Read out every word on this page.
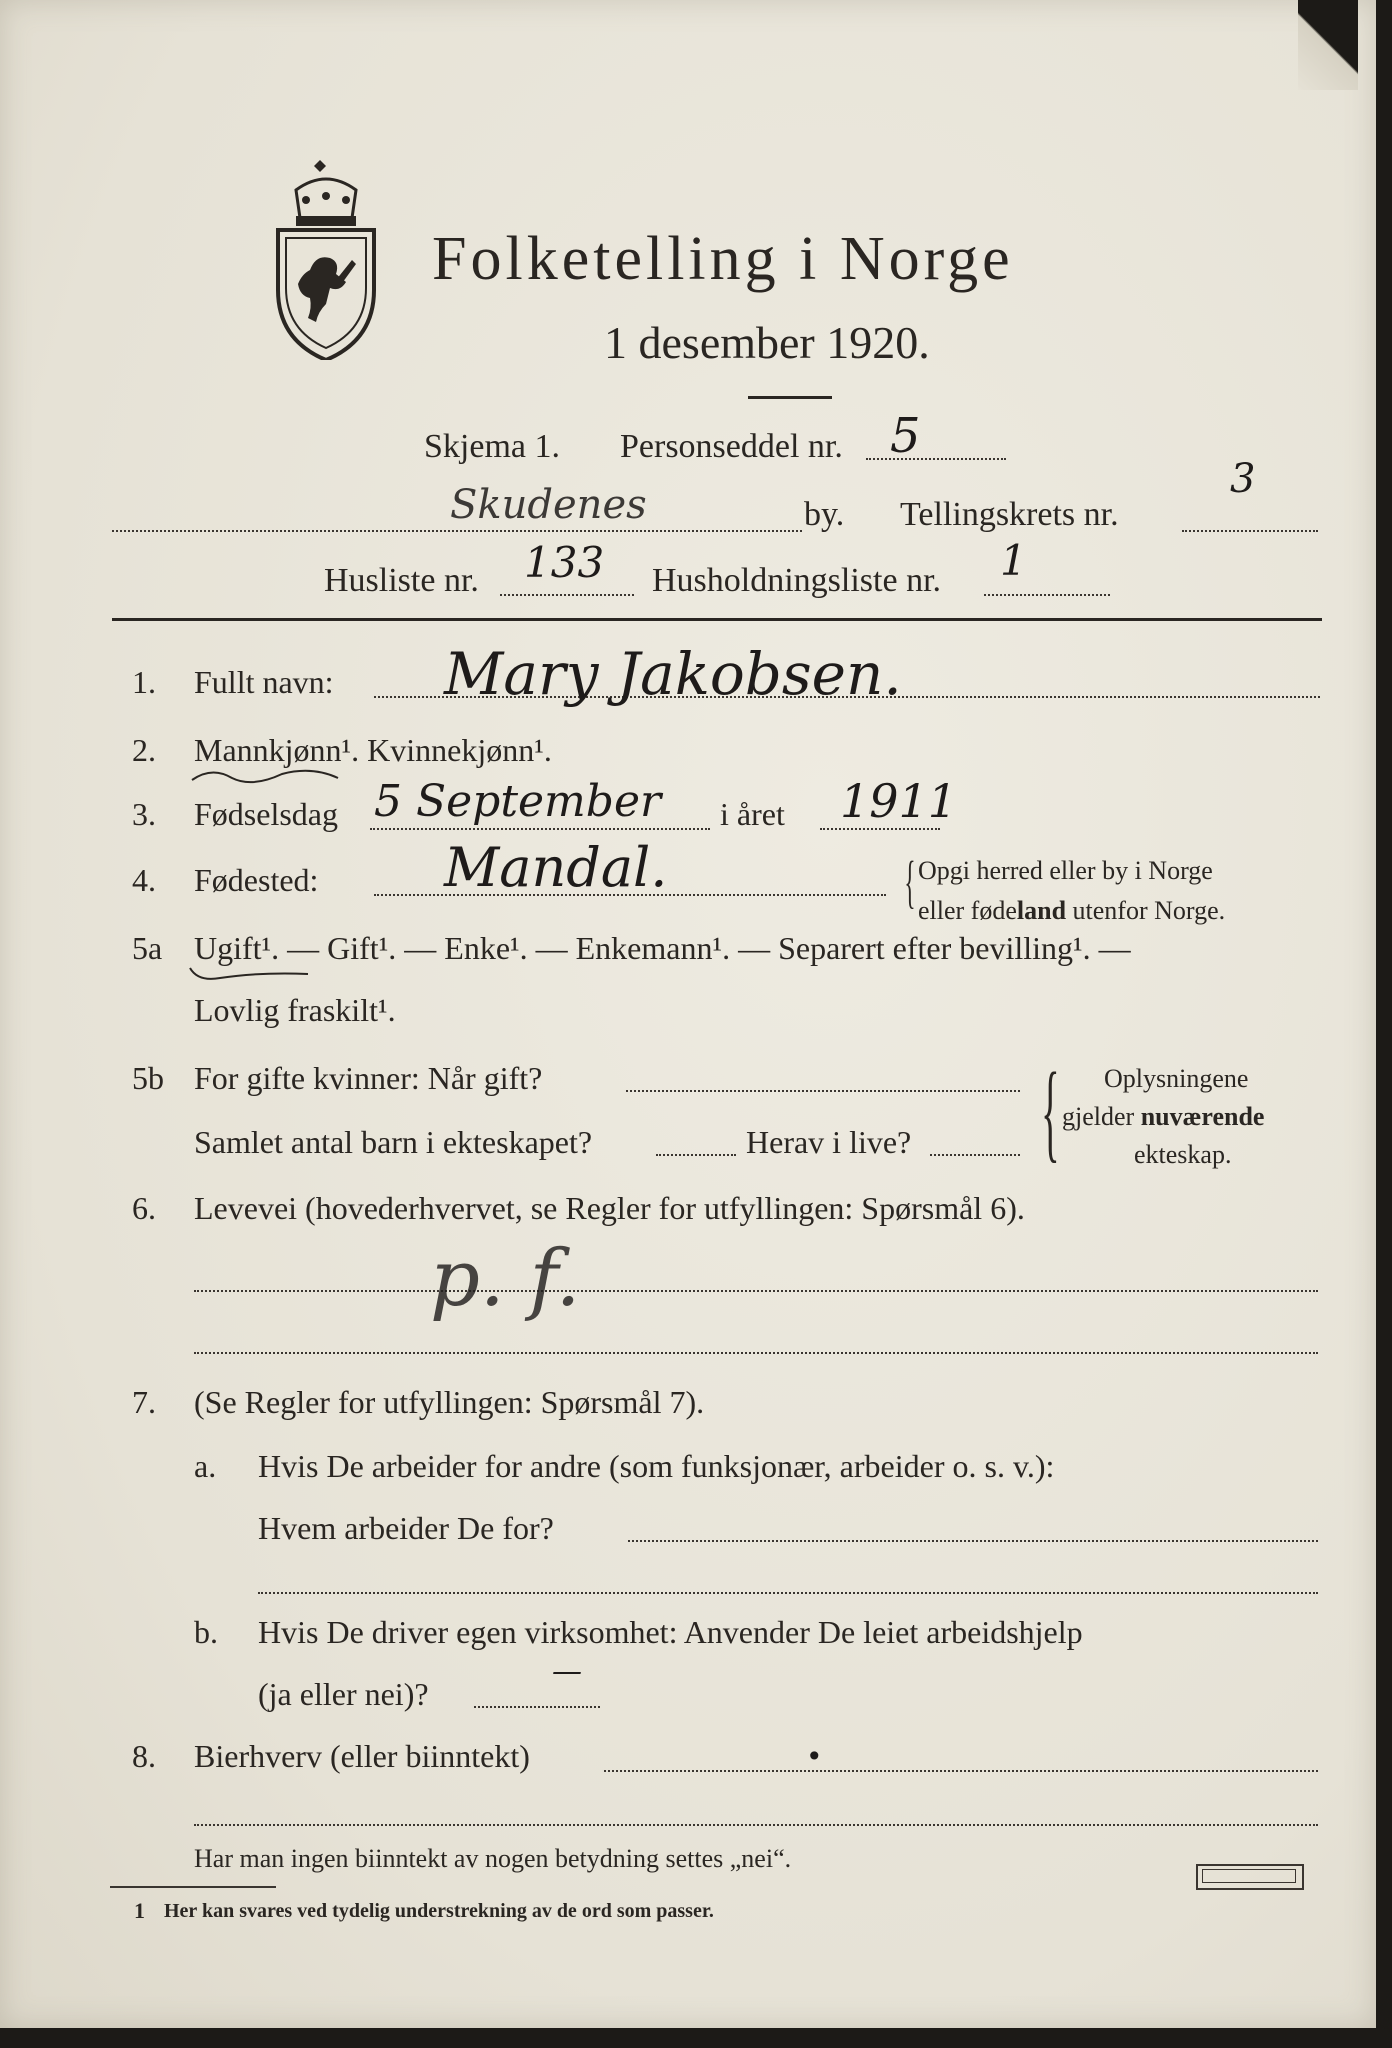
Folketelling i Norge
1 desember 1920.
Skjema 1. Personseddel nr. 5
Skudenes	by. Tellingskrets nr.
3
Husliste nr. 133 Husholdningsliste nr. 1
1. Fullt navn: Mary Jakobsen.
2. Mannkjønn¹. Kvinnekjønn¹.
3. Fødselsdag 5 September i året 1911
4. Fødested: Mandal.	{ Opgi herred eller by i Norge
eller fødeland utenfor Norge.
5a Ugift¹. — Gift¹. — Enke¹. — Enkemann¹. — Separert efter bevilling¹. —
Lovlig fraskilt¹.
5b For gifte kvinner: Når gift?
Samlet antal barn i ekteskapet?	Herav i live? { Oplysningene
gjelder nuværende
ekteskap.
6. Levevei (hovederhvervet, se Regler for utfyllingen: Spørsmål 6).
p. f.
7. (Se Regler for utfyllingen: Spørsmål 7).
a. Hvis De arbeider for andre (som funksjonær, arbeider o. s. v.):
Hvem arbeider De for?
b. Hvis De driver egen virksomhet: Anvender De leiet arbeidshjelp
(ja eller nei)?
—
8. Bierhverv (eller biinntekt)	•
Har man ingen biinntekt av nogen betydning settes „nei“.
1 Her kan svares ved tydelig understrekning av de ord som passer.
